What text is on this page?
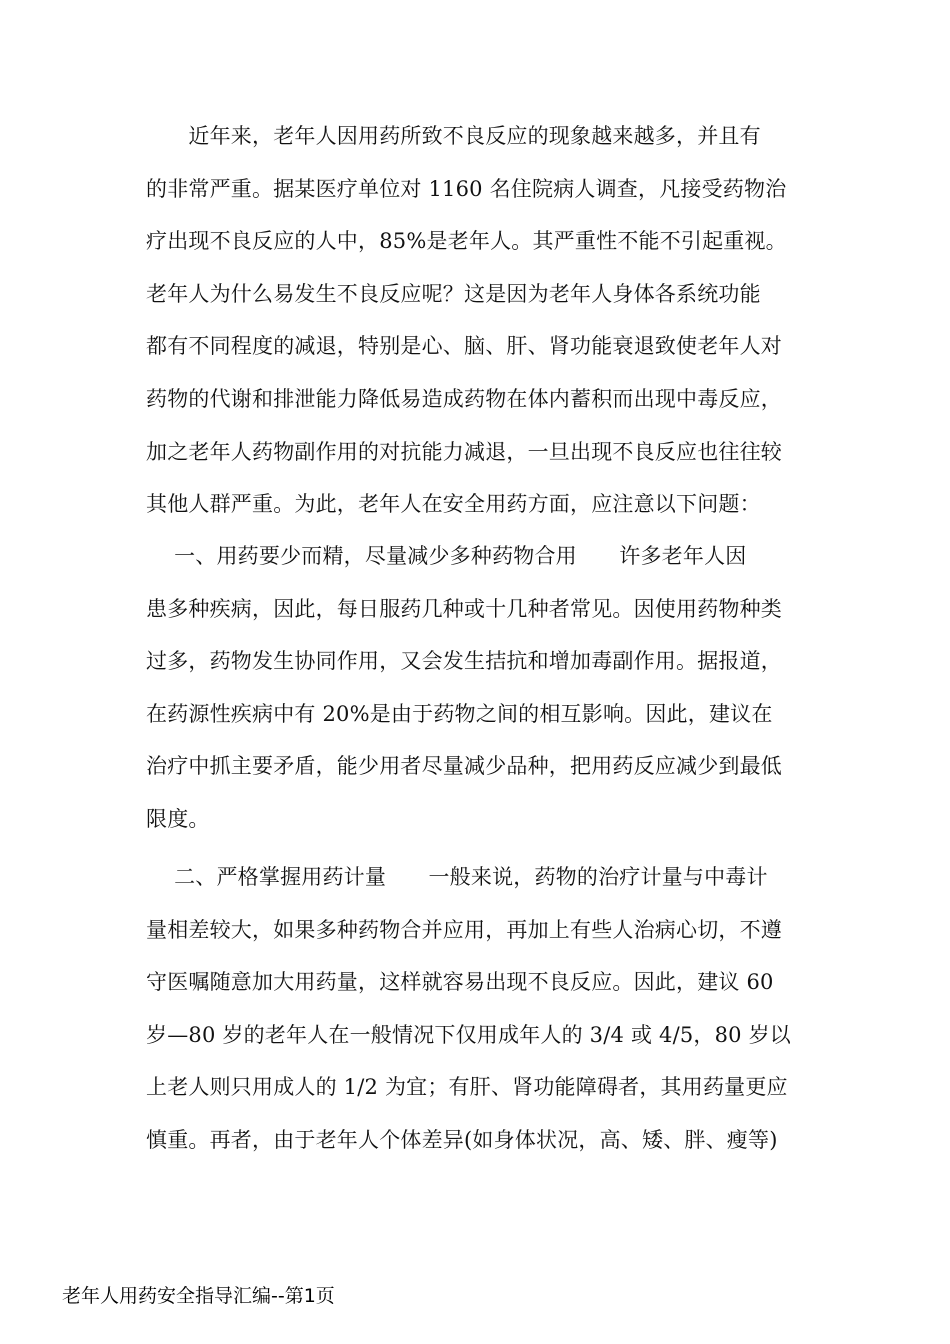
　　近年来，老年人因用药所致不良反应的现象越来越多，并且有
的非常严重。据某医疗单位对 1160 名住院病人调查，凡接受药物治
疗出现不良反应的人中，85%是老年人。其严重性不能不引起重视。
老年人为什么易发生不良反应呢？这是因为老年人身体各系统功能
都有不同程度的减退，特别是心、脑、肝、肾功能衰退致使老年人对
药物的代谢和排泄能力降低易造成药物在体内蓄积而出现中毒反应，
加之老年人药物副作用的对抗能力减退，一旦出现不良反应也往往较
其他人群严重。为此，老年人在安全用药方面，应注意以下问题：
　 一、用药要少而精，尽量减少多种药物合用　　许多老年人因
患多种疾病，因此，每日服药几种或十几种者常见。因使用药物种类
过多，药物发生协同作用，又会发生拮抗和增加毒副作用。据报道，
在药源性疾病中有 20%是由于药物之间的相互影响。因此，建议在
治疗中抓主要矛盾，能少用者尽量减少品种，把用药反应减少到最低
限度。
　 二、严格掌握用药计量　　一般来说，药物的治疗计量与中毒计
量相差较大，如果多种药物合并应用，再加上有些人治病心切，不遵
守医嘱随意加大用药量，这样就容易出现不良反应。因此，建议 60
岁—80 岁的老年人在一般情况下仅用成年人的 3/4 或 4/5，80 岁以
上老人则只用成人的 1/2 为宜；有肝、肾功能障碍者，其用药量更应
慎重。再者，由于老年人个体差异(如身体状况，高、矮、胖、瘦等)
老年人用药安全指导汇编--第1页
